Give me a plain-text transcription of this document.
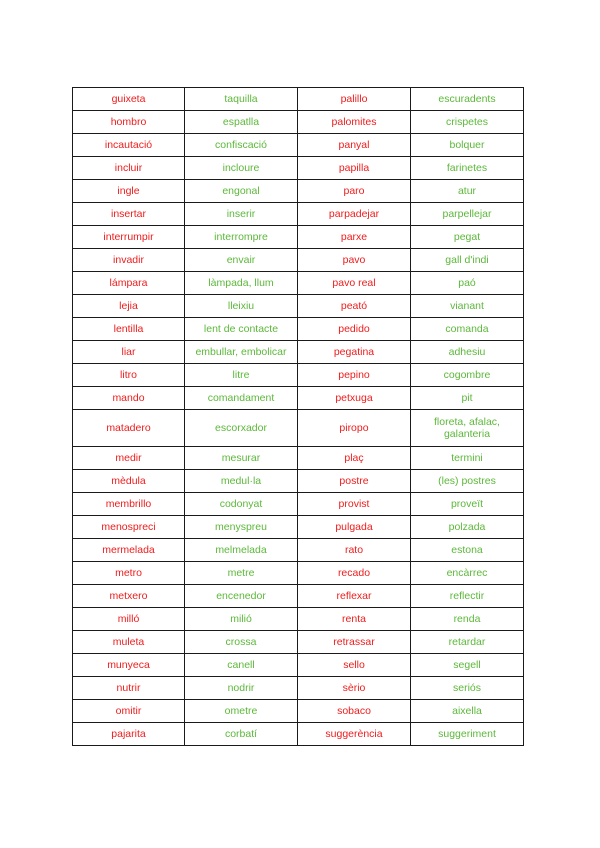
guixeta	taquilla	palillo	escuradents
hombro	espatlla	palomites	crispetes
incautació	confiscació	panyal	bolquer
incluir	incloure	papilla	farinetes
ingle	engonal	paro	atur
insertar	inserir	parpadejar	parpellejar
interrumpir	interrompre	parxe	pegat
invadir	envair	pavo	gall d'indi
lámpara	làmpada, llum	pavo real	paó
lejia	lleixiu	peató	vianant
lentilla	lent de contacte	pedido	comanda
liar	embullar, embolicar	pegatina	adhesiu
litro	litre	pepino	cogombre
mando	comandament	petxuga	pit
matadero	escorxador	piropo	floreta, afalac, galanteria
medir	mesurar	plaç	termini
mèdula	medul·la	postre	(les) postres
membrillo	codonyat	provist	proveït
menospreci	menyspreu	pulgada	polzada
mermelada	melmelada	rato	estona
metro	metre	recado	encàrrec
metxero	encenedor	reflexar	reflectir
milló	milió	renta	renda
muleta	crossa	retrassar	retardar
munyeca	canell	sello	segell
nutrir	nodrir	sèrio	seriós
omitir	ometre	sobaco	aixella
pajarita	corbatí	suggerència	suggeriment
